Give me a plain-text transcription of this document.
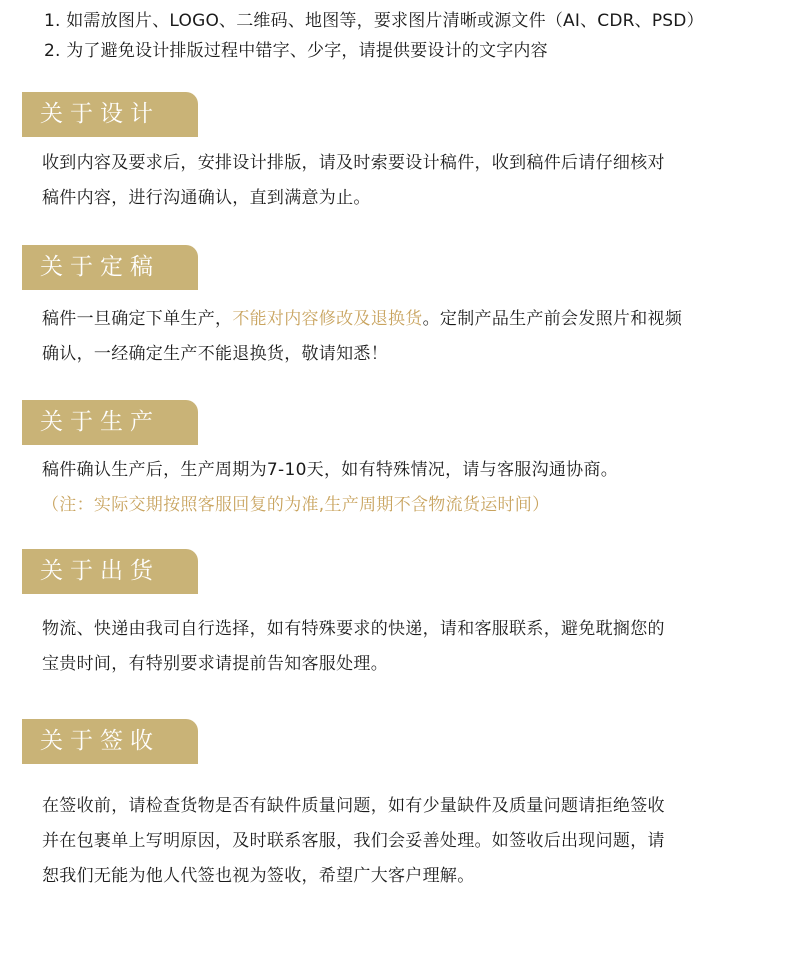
1. 如需放图片、LOGO、二维码、地图等，要求图片清晰或源文件（AI、CDR、PSD）

2. 为了避免设计排版过程中错字、少字，请提供要设计的文字内容

关于设计

收到内容及要求后，安排设计排版，请及时索要设计稿件，收到稿件后请仔细核对

稿件内容，进行沟通确认，直到满意为止。

关于定稿

稿件一旦确定下单生产，不能对内容修改及退换货。定制产品生产前会发照片和视频

确认，一经确定生产不能退换货，敬请知悉！

关于生产

稿件确认生产后，生产周期为7-10天，如有特殊情况，请与客服沟通协商。

（注：实际交期按照客服回复的为准,生产周期不含物流货运时间）

关于出货

物流、快递由我司自行选择，如有特殊要求的快递，请和客服联系，避免耽搁您的

宝贵时间，有特别要求请提前告知客服处理。

关于签收

在签收前，请检查货物是否有缺件质量问题，如有少量缺件及质量问题请拒绝签收

并在包裹单上写明原因，及时联系客服，我们会妥善处理。如签收后出现问题，请

恕我们无能为他人代签也视为签收，希望广大客户理解。
